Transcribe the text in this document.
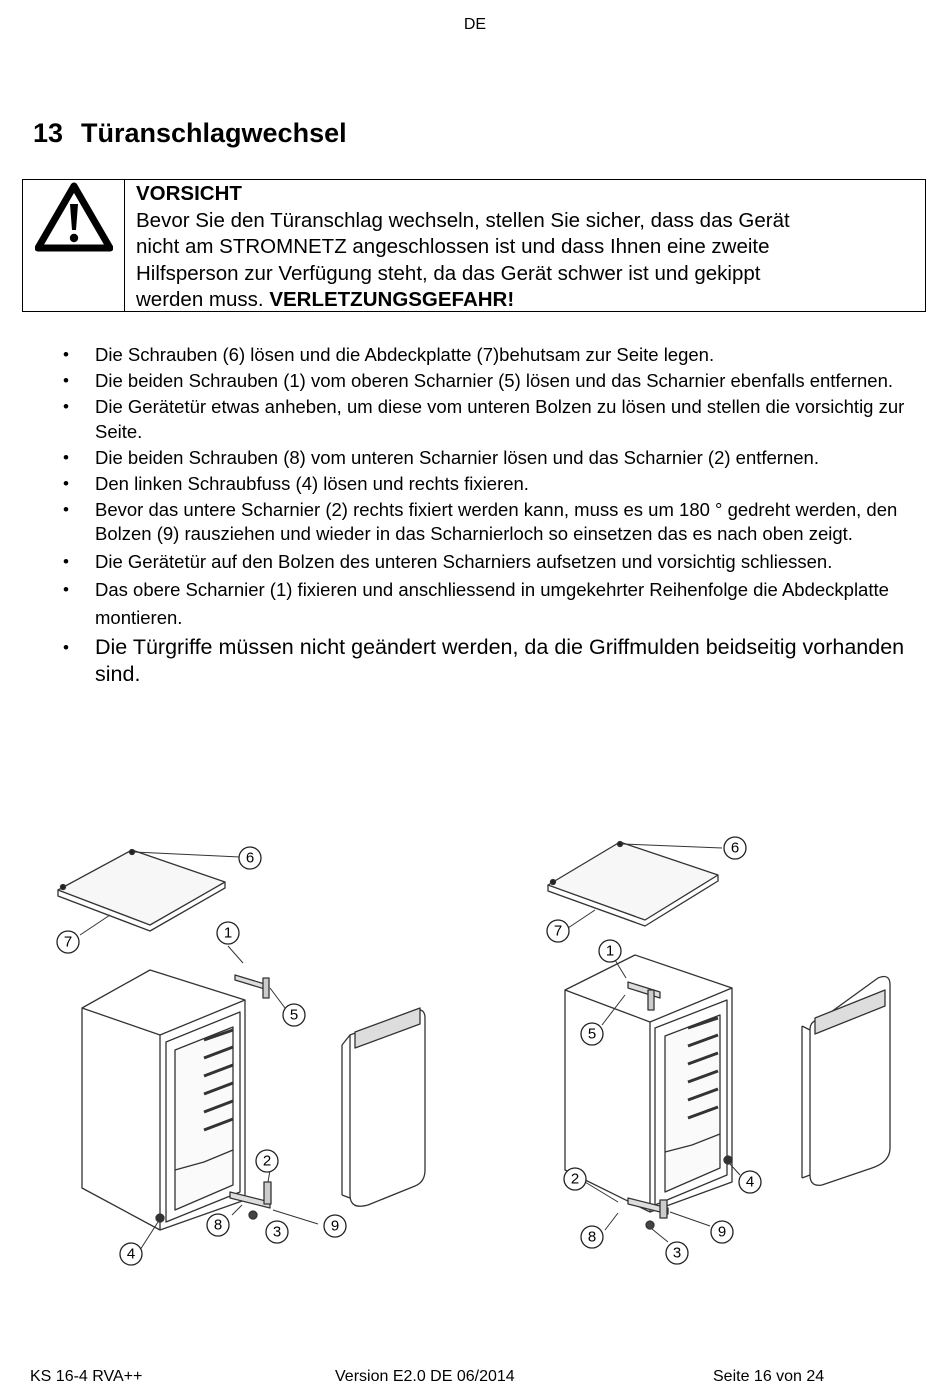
DE
13 Türanschlagwechsel
VORSICHT
Bevor Sie den Türanschlag wechseln, stellen Sie sicher, dass das Gerät
nicht am STROMNETZ angeschlossen ist und dass Ihnen eine zweite
Hilfsperson zur Verfügung steht, da das Gerät schwer ist und gekippt
werden muss. VERLETZUNGSGEFAHR!
• Die Schrauben (6) lösen und die Abdeckplatte (7)behutsam zur Seite legen.
• Die beiden Schrauben (1) vom oberen Scharnier (5) lösen und das Scharnier ebenfalls entfernen.
• Die Gerätetür etwas anheben, um diese vom unteren Bolzen zu lösen und stellen die vorsichtig zur Seite.
• Die beiden Schrauben (8) vom unteren Scharnier lösen und das Scharnier (2) entfernen.
• Den linken Schraubfuss (4) lösen und rechts fixieren.
• Bevor das untere Scharnier (2) rechts fixiert werden kann, muss es um 180 ° gedreht werden, den Bolzen (9) rausziehen und wieder in das Scharnierloch so einsetzen das es nach oben zeigt.
• Die Gerätetür auf den Bolzen des unteren Scharniers aufsetzen und vorsichtig schliessen.
• Das obere Scharnier (1) fixieren und anschliessend in umgekehrter Reihenfolge die Abdeckplatte montieren.
• Die Türgriffe müssen nicht geändert werden, da die Griffmulden beidseitig vorhanden sind.
6
7
1
5
2
8	3	9
4
6
7
1
5
4
2
9
8
3
KS 16-4 RVA++	Version E2.0 DE 06/2014	Seite 16 von 24
